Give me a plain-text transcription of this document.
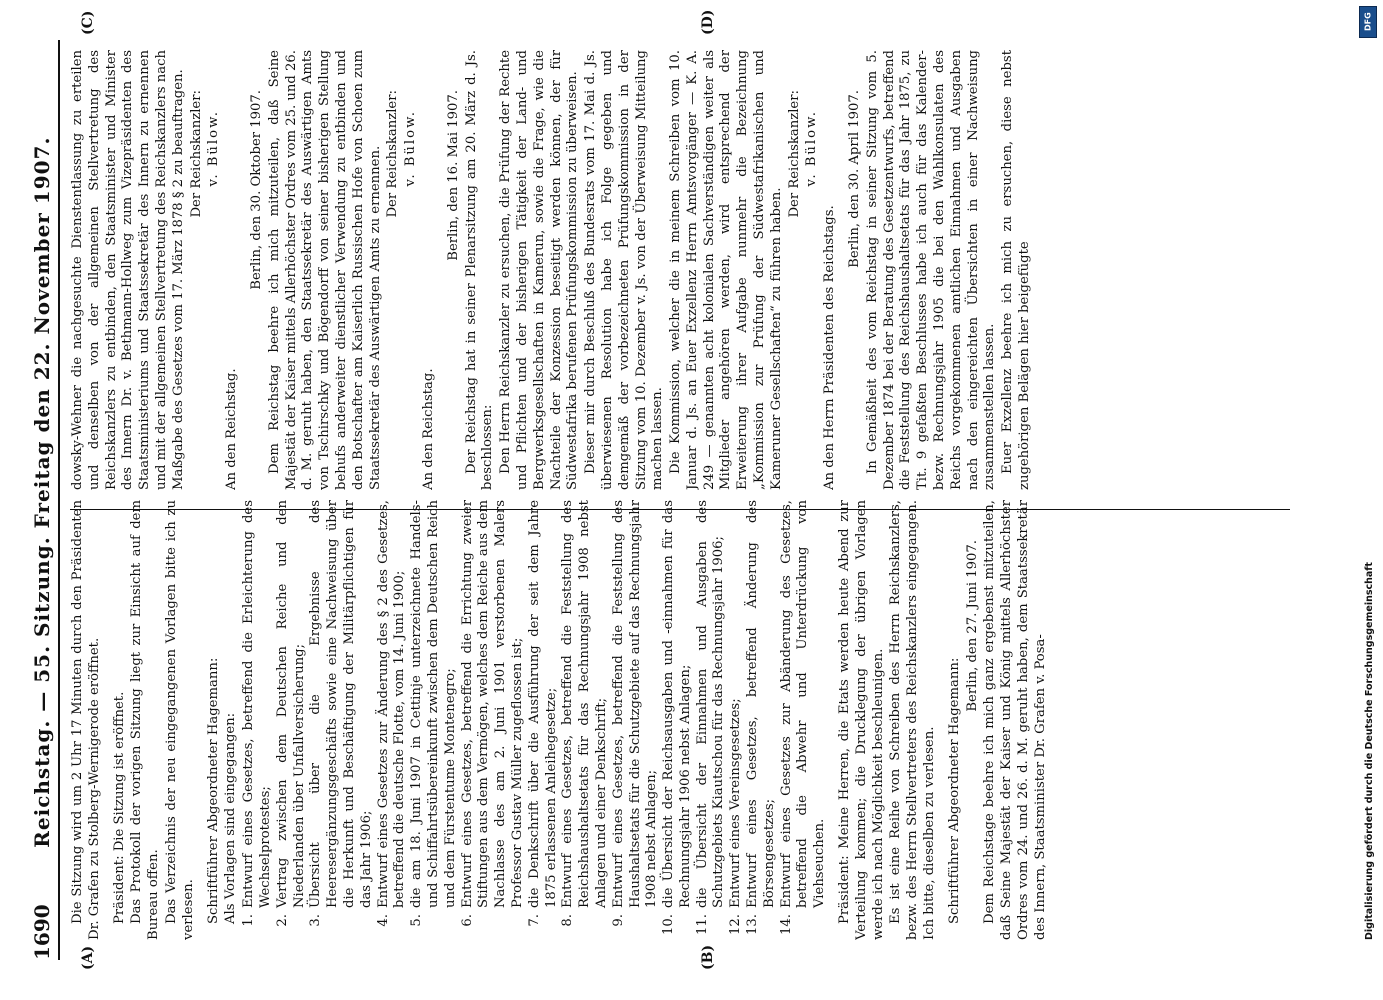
1690
Reichstag. — 55. Sitzung. Freitag den 22. November 1907.
(A)	(B)
(C)	(D)

Die Sitzung wird um 2 Uhr 17 Minuten durch den Präsidenten Dr. Grafen zu Stolberg-Wernigerode eröffnet. Präsident: Die Sitzung ist eröffnet. Das Protokoll der vorigen Sitzung liegt zur Einsicht auf dem Bureau offen. Das Verzeichnis der neu eingegangenen Vorlagen bitte ich zu verlesen. Schriftführer Abgeordneter Hagemann: Als Vorlagen sind eingegangen: 1.
Entwurf eines Gesetzes, betreffend die Erleichterung des Wechselprotestes;
2.
Vertrag zwischen dem Deutschen Reiche und den Niederlanden über Unfallversicherung;
3.
Übersicht über die Ergebnisse des Heeresergänzungsgeschäfts sowie eine Nachweisung über die Herkunft und Beschäftigung der Militärpflichtigen für das Jahr 1906;
4.
Entwurf eines Gesetzes zur Änderung des § 2 des Gesetzes, betreffend die deutsche Flotte, vom 14. Juni 1900;
5.
die am 18. Juni 1907 in Cettinje unterzeichnete Handels- und Schiffahrtsübereinkunft zwischen dem Deutschen Reich und dem Fürstentume Montenegro;
6.
Entwurf eines Gesetzes, betreffend die Errichtung zweier Stiftungen aus dem Vermögen, welches dem Reiche aus dem Nachlasse des am 2. Juni 1901 verstorbenen Malers Professor Gustav Müller zugeflossen ist;
7.
die Denkschrift über die Ausführung der seit dem Jahre 1875 erlassenen Anleihegesetze;
8.
Entwurf eines Gesetzes, betreffend die Feststellung des Reichshaushaltsetats für das Rechnungsjahr 1908 nebst Anlagen und einer Denkschrift;
9.
Entwurf eines Gesetzes, betreffend die Feststellung des Haushaltsetats für die Schutzgebiete auf das Rechnungsjahr 1908 nebst Anlagen;
10.
die Übersicht der Reichsausgaben und -einnahmen für das Rechnungsjahr 1906 nebst Anlagen;
11.
die Übersicht der Einnahmen und Ausgaben des Schutzgebiets Kiautschou für das Rechnungsjahr 1906;
12.
Entwurf eines Vereinsgesetzes;
13.
Entwurf eines Gesetzes, betreffend Änderung des Börsengesetzes;
14.
Entwurf eines Gesetzes zur Abänderung des Gesetzes, betreffend die Abwehr und Unterdrückung von Viehseuchen. Präsident: Meine Herren, die Etats werden heute Abend zur Verteilung kommen; die Drucklegung der übrigen Vorlagen werde ich nach Möglichkeit beschleunigen. Es ist eine Reihe von Schreiben des Herrn Reichskanzlers, bezw. des Herrn Stellvertreters des Reichskanzlers eingegangen. Ich bitte, dieselben zu verlesen. Schriftführer Abgeordneter Hagemann:

Berlin, den 27. Juni 1907. Dem Reichstage beehre ich mich ganz ergebenst mitzuteilen, daß Seine Majestät der Kaiser und König mittels Allerhöchster Ordres vom 24. und 26. d. M. geruht haben, dem Staatssekretär des Innern, Staatsminister Dr. Grafen v. Posa-

dowsky-Wehner die nachgesuchte Dienstentlassung zu erteilen und denselben von der allgemeinen Stellvertretung des Reichskanzlers zu entbinden, den Staatsminister und Minister des Innern Dr. v. Bethmann-Hollweg zum Vizepräsidenten des Staatsministeriums und Staatssekretär des Innern zu ernennen und mit der allgemeinen Stellvertretung des Reichskanzlers nach Maßgabe des Gesetzes vom 17. März 1878 § 2 zu beauftragen. Der Reichskanzler: v. Bülow.

An den Reichstag.

Berlin, den 30. Oktober 1907. Dem Reichstag beehre ich mich mitzuteilen, daß Seine Majestät der Kaiser mittels Allerhöchster Ordres vom 25. und 26. d. M. geruht haben, den Staatssekretär des Auswärtigen Amts von Tschirschky und Bögendorff von seiner bisherigen Stellung behufs anderweiter dienstlicher Verwendung zu entbinden und den Botschafter am Kaiserlich Russischen Hofe von Schoen zum Staatssekretär des Auswärtigen Amts zu ernennen. Der Reichskanzler: v. Bülow.

An den Reichstag.

Berlin, den 16. Mai 1907. Der Reichstag hat in seiner Plenarsitzung am 20. März d. Js. beschlossen: Den Herrn Reichskanzler zu ersuchen, die Prüfung der Rechte und Pflichten und der bisherigen Tätigkeit der Land- und Bergwerksgesellschaften in Kamerun, sowie die Frage, wie die Nachteile der Konzession beseitigt werden können, der für Südwestafrika berufenen Prüfungskommission zu überweisen. Dieser mir durch Beschluß des Bundesrats vom 17. Mai d. Js. überwiesenen Resolution habe ich Folge gegeben und demgemäß der vorbezeichneten Prüfungskommission in der Sitzung vom 10. Dezember v. Js. von der Überweisung Mitteilung machen lassen. Die Kommission, welcher die in meinem Schreiben vom 10. Januar d. Js. an Euer Exzellenz Herrn Amtsvorgänger — K. A. 249 — genannten acht kolonialen Sachverständigen weiter als Mitglieder angehören werden, wird entsprechend der Erweiterung ihrer Aufgabe nunmehr die Bezeichnung „Kommission zur Prüfung der Südwestafrikanischen und Kameruner Gesellschaften“ zu führen haben.

Der Reichskanzler: v. Bülow.

An den Herrn Präsidenten des Reichstags.

Berlin, den 30. April 1907. In Gemäßheit des vom Reichstag in seiner Sitzung vom 5. Dezember 1874 bei der Beratung des Gesetzentwurfs, betreffend die Feststellung des Reichshaushaltsetats für das Jahr 1875, zu Tit. 9 gefaßten Beschlusses habe ich auch für das Kalender- bezw. Rechnungsjahr 1905 die bei den Wahlkonsulaten des Reichs vorgekommenen amtlichen Einnahmen und Ausgaben nach den eingereichten Übersichten in einer Nachweisung zusammenstellen lassen. Euer Exzellenz beehre ich mich zu ersuchen, diese nebst zugehörigen Belägen hier beigefügte

DFG
Digitalisierung gefördert durch die Deutsche Forschungsgemeinschaft
